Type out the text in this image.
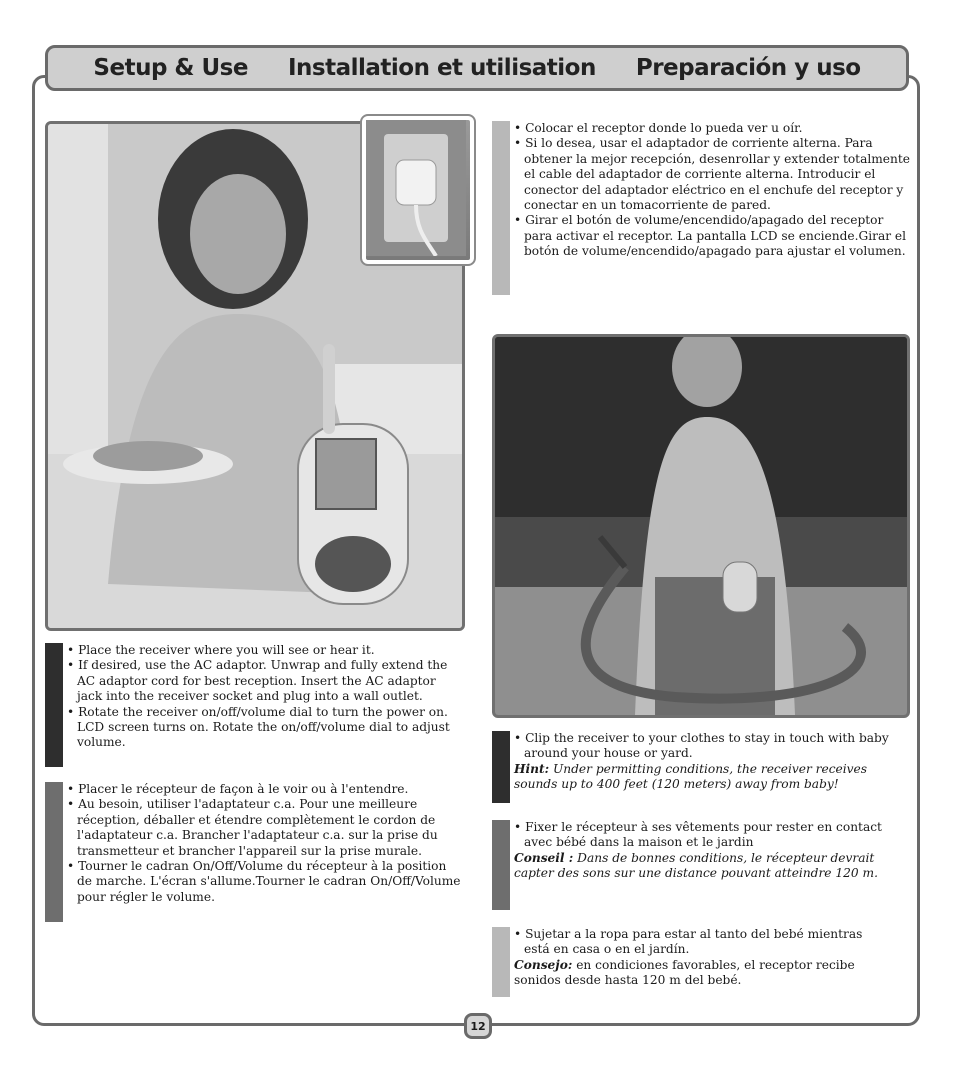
Setup & Use Installation et utilisation Preparación y uso

• Colocar el receptor donde lo pueda ver u oír.

• Si lo desea, usar el adaptador de corriente alterna. Para obtener la mejor recepción, desenrollar y extender totalmente el cable del adaptador de corriente alterna. Introducir el conector del adaptador eléctrico en el enchufe del receptor y conectar en un tomacorriente de pared.

• Girar el botón de volume/encendido/apagado del receptor para activar el receptor. La pantalla LCD se enciende.Girar el botón de volume/encendido/apagado para ajustar el volumen.

• Place the receiver where you will see or hear it.

• If desired, use the AC adaptor. Unwrap and fully extend the AC adaptor cord for best reception. Insert the AC adaptor jack into the receiver socket and plug into a wall outlet.

• Rotate the receiver on/off/volume dial to turn the power on. LCD screen turns on. Rotate the on/off/volume dial to adjust volume.

• Placer le récepteur de façon à le voir ou à l'entendre.

• Au besoin, utiliser l'adaptateur c.a. Pour une meilleure réception, déballer et étendre complètement le cordon de l'adaptateur c.a. Brancher l'adaptateur c.a. sur la prise du transmetteur et brancher l'appareil sur la prise murale.

• Tourner le cadran On/Off/Volume du récepteur à la position de marche. L'écran s'allume.Tourner le cadran On/Off/Volume pour régler le volume.

• Clip the receiver to your clothes to stay in touch with baby around your house or yard.

Hint: Under permitting conditions, the receiver receives sounds up to 400 feet (120 meters) away from baby!

• Fixer le récepteur à ses vêtements pour rester en contact avec bébé dans la maison et le jardin

Conseil : Dans de bonnes conditions, le récepteur devrait capter des sons sur une distance pouvant atteindre 120 m.

• Sujetar a la ropa para estar al tanto del bebé mientras está en casa o en el jardín.

Consejo: en condiciones favorables, el receptor recibe sonidos desde hasta 120 m del bebé.

12
